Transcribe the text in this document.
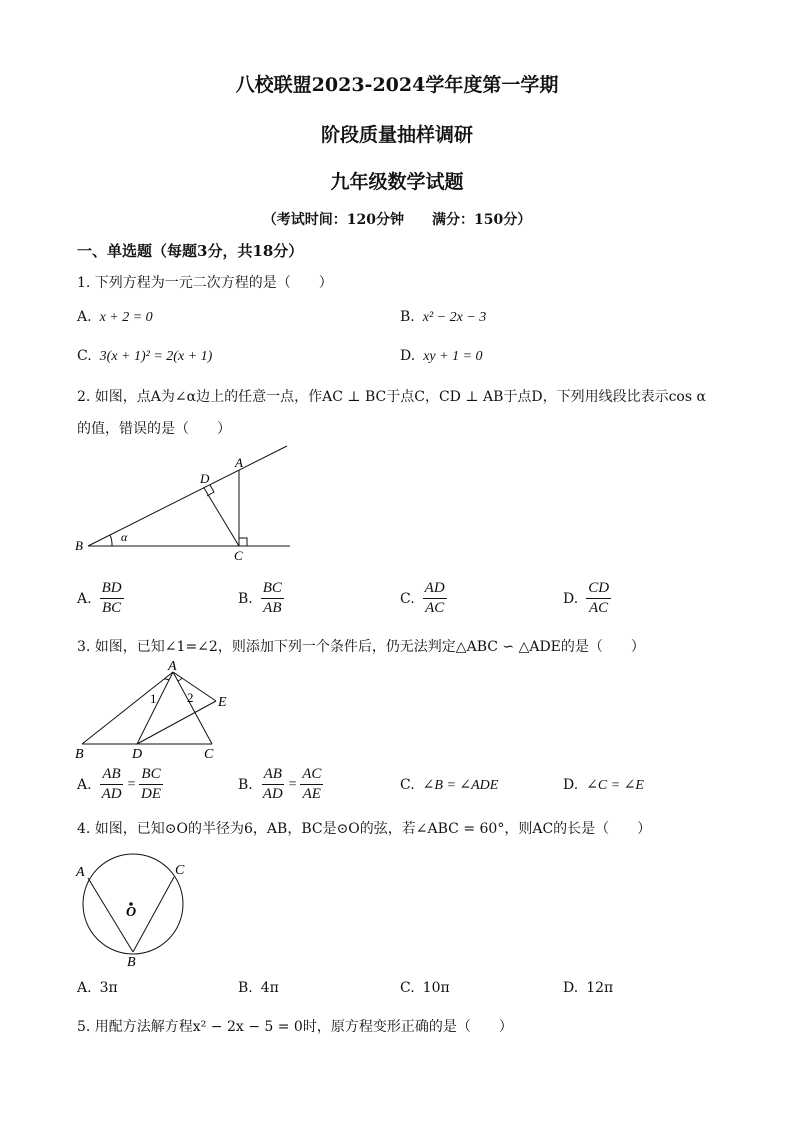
八校联盟2023-2024学年度第一学期
阶段质量抽样调研
九年级数学试题
（考试时间：120分钟　　满分：150分）
一、单选题（每题3分，共18分）
1. 下列方程为一元二次方程的是（　　）
A. x + 2 = 0	B. x² − 2x − 3
C. 3(x + 1)² = 2(x + 1)	D. xy + 1 = 0
2. 如图，点A为∠α边上的任意一点，作AC ⊥ BC于点C，CD ⊥ AB于点D，下列用线段比表示cos α
的值，错误的是（　　）
A
D
B
C
α
A. $\frac{BD}{BC}$	B. $\frac{BC}{AB}$	C. $\frac{AD}{AC}$	D. $\frac{CD}{AC}$
3. 如图，已知∠1=∠2，则添加下列一个条件后，仍无法判定△ABC ∽ △ADE的是（　　）
A
B	D	C
E
1 2
A. $\frac{AB}{AD} = \frac{BC}{DE}$	B. $\frac{AB}{AD} = \frac{AC}{AE}$	C. ∠B = ∠ADE	D. ∠C = ∠E
4. 如图，已知⊙O的半径为6，AB，BC是⊙O的弦，若∠ABC = 60°，则AC的长是（　　）
A	C
O
B
A. 3π	B. 4π	C. 10π	D. 12π
5. 用配方法解方程x² − 2x − 5 = 0时，原方程变形正确的是（　　）
